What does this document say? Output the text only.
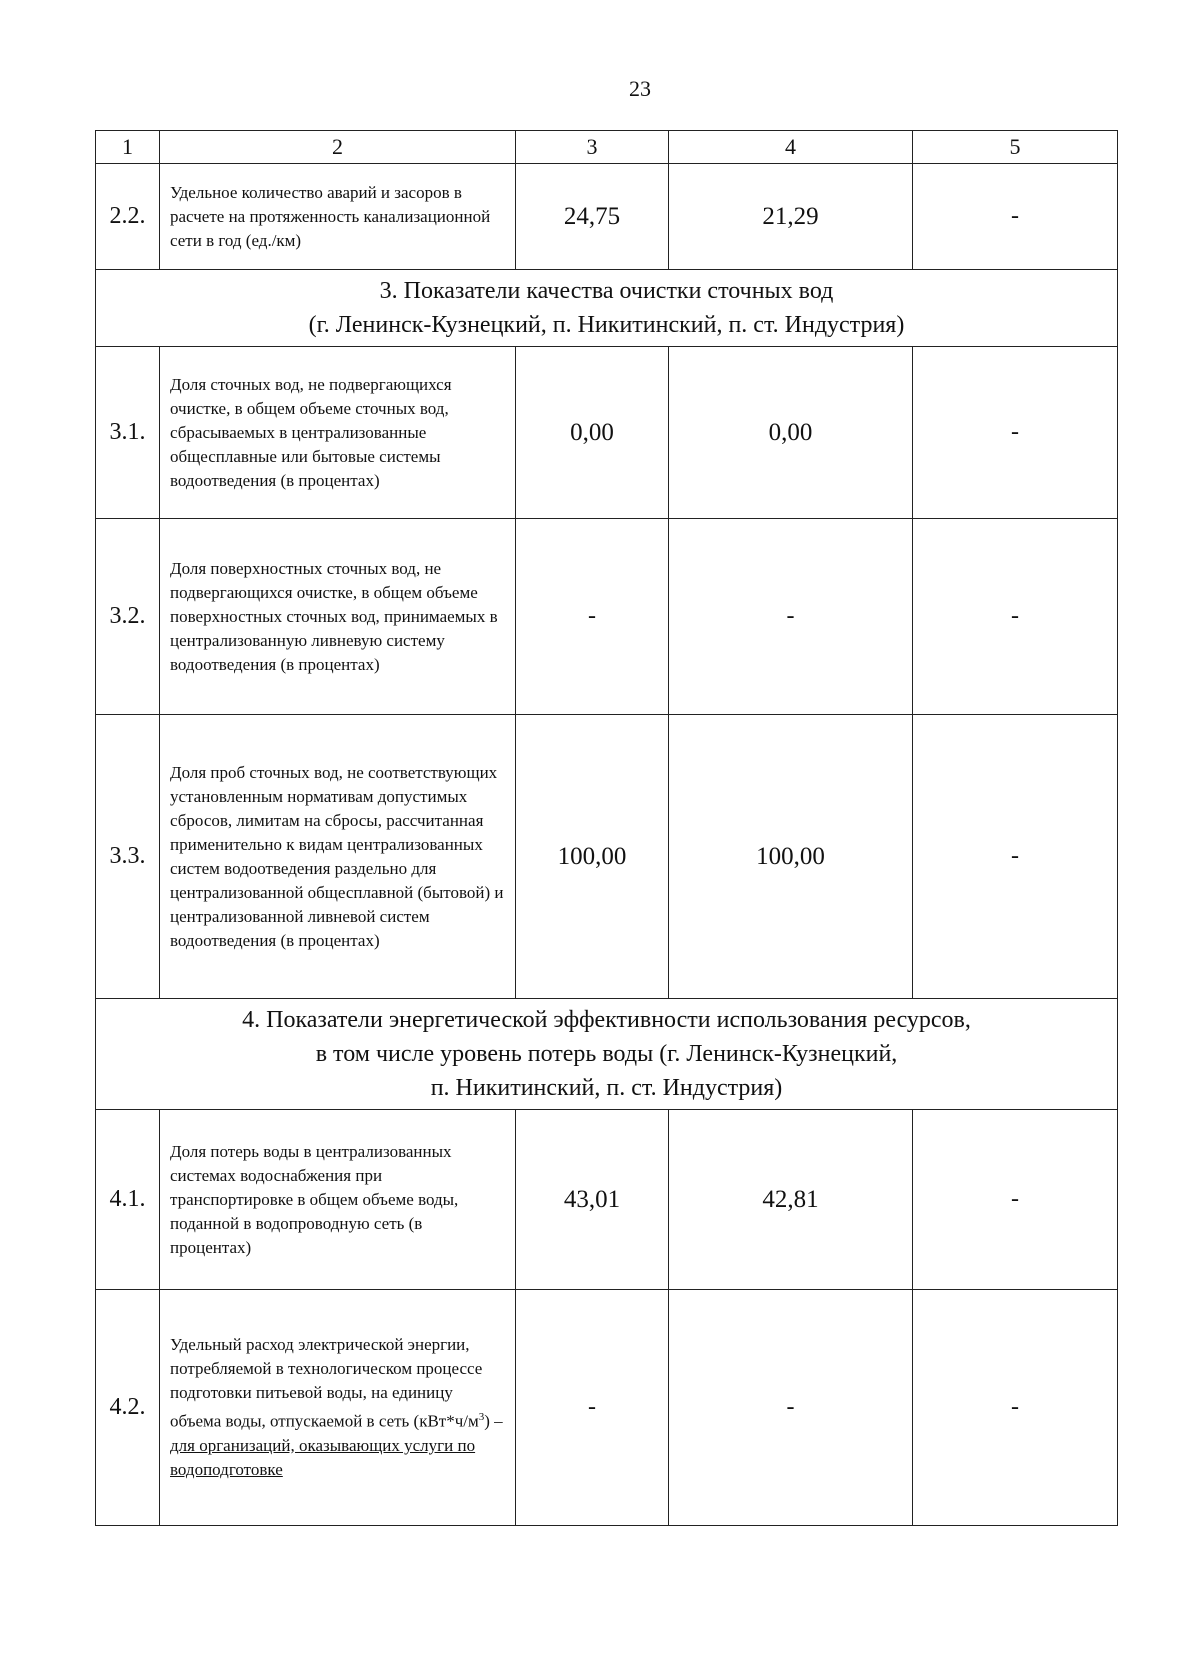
23
1	2	3	4	5
2.2.	Удельное количество аварий и засоров в расчете на протяженность канализационной сети в год (ед./км)	24,75	21,29	-

3. Показатели качества очистки сточных вод
(г. Ленинск-Кузнецкий, п. Никитинский, п. ст. Индустрия)				

3.1.	Доля сточных вод, не подвергающихся очистке, в общем объеме сточных вод, сбрасываемых в централизованные общесплавные или бытовые системы водоотведения (в процентах)	0,00	0,00	-
3.2.	Доля поверхностных сточных вод, не подвергающихся очистке, в общем объеме поверхностных сточных вод, принимаемых в централизованную ливневую систему водоотведения (в процентах)	-	-	-
3.3.	Доля проб сточных вод, не соответствующих установленным нормативам допустимых сбросов, лимитам на сбросы, рассчитанная применительно к видам централизованных систем водоотведения раздельно для централизованной общесплавной (бытовой) и централизованной ливневой систем водоотведения (в процентах)	100,00	100,00	-

4. Показатели энергетической эффективности использования ресурсов,
в том числе уровень потерь воды (г. Ленинск-Кузнецкий,
п. Никитинский, п. ст. Индустрия)				

4.1.	Доля потерь воды в централизованных системах водоснабжения при транспортировке в общем объеме воды, поданной в водопроводную сеть (в процентах)	43,01	42,81	-
4.2.	Удельный расход электрической энергии, потребляемой в технологическом процессе подготовки питьевой воды, на единицу объема воды, отпускаемой в сеть $(кВт*ч/м^3)$ – для организаций, оказывающих услуги по водоподготовке	-	-	-
